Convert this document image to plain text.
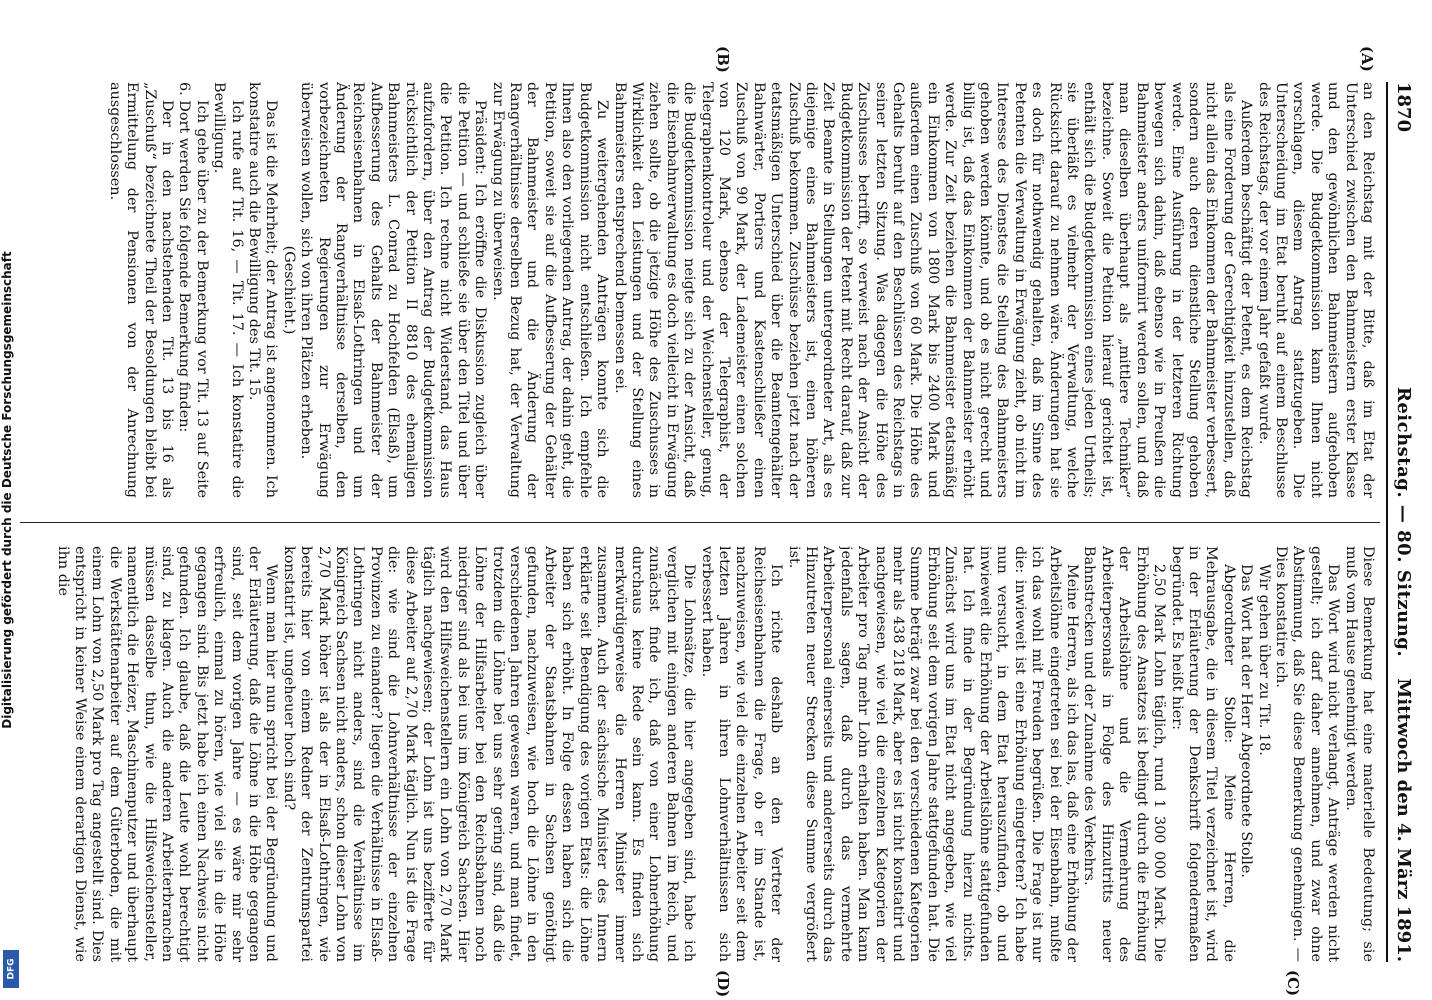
1870
Reichstag. — 80. Sitzung.
Mittwoch den 4. März 1891.
(A)
(B)
(C)
(D)

an den Reichstag mit der Bitte, daß im Etat der Unterschied zwischen den Bahnmeistern erster Klasse und den gewöhnlichen Bahnmeistern aufgehoben werde. Die Budgetkommission kann Ihnen nicht vorschlagen, diesem Antrag stattzugeben. Die Unterscheidung im Etat beruht auf einem Beschlusse des Reichstags, der vor einem Jahr gefaßt wurde.

Außerdem beschäftigt der Petent, es dem Reichstag als eine Forderung der Gerechtigkeit hinzustellen, daß nicht allein das Einkommen der Bahnmeister verbessert, sondern auch deren dienstliche Stellung gehoben werde. Eine Ausführung in der letzteren Richtung bewegen sich dahin, daß ebenso wie in Preußen die Bahnmeister anders uniformirt werden sollen, und daß man dieselben überhaupt als „mittlere Techniker“ bezeichne. Soweit die Petition hierauf gerichtet ist, enthält sich die Budgetkommission eines jeden Urtheils; sie überläßt es vielmehr der Verwaltung, welche Rücksicht darauf zu nehmen wäre. Änderungen hat sie es doch für nothwendig gehalten, daß im Sinne des Petenten die Verwaltung in Erwägung zieht, ob nicht im Interesse des Dienstes die Stellung des Bahnmeisters gehoben werden könnte, und ob es nicht gerecht und billig ist, daß das Einkommen der Bahnmeister erhöht werde. Zur Zeit beziehen die Bahnmeister etatsmäßig ein Einkommen von 1800 Mark bis 2400 Mark und außerdem einen Zuschuß von 60 Mark. Die Höhe des Gehalts beruht auf den Beschlüssen des Reichstags in seiner letzten Sitzung. Was dagegen die Höhe des Zuschusses betrifft, so verweist nach der Ansicht der Budgetkommission der Petent mit Recht darauf, daß zur Zeit Beamte in Stellungen untergeordneter Art, als es diejenige eines Bahnmeisters ist, einen höheren Zuschuß bekommen. Zuschüsse beziehen jetzt nach der etatsmäßigen Unterschied über die Beamtengehälter Bahnwärter, Portiers und Kastenschließer einen Zuschuß von 90 Mark, der Lademeister einen solchen von 120 Mark, ebenso der Telegraphist, der Telegraphenkontroleur und der Weichensteller, genug, die Budgetkommission neigte sich zu der Ansicht, daß die Eisenbahnverwaltung es doch vielleicht in Erwägung ziehen sollte, ob die jetzige Höhe des Zuschusses in Wirklichkeit den Leistungen und der Stellung eines Bahnmeisters entsprechend bemessen sei.

Zu weitergehenden Anträgen konnte sich die Budgetkommission nicht entschließen. Ich empfehle Ihnen also den vorliegenden Antrag, der dahin geht, die Petition, soweit sie auf die Aufbesserung der Gehälter der Bahnmeister und die Änderung der Rangverhältnisse derselben Bezug hat, der Verwaltung zur Erwägung zu überweisen.

Präsident: Ich eröffne die Diskussion zugleich über die Petition — und schließe sie über den Titel und über die Petition. Ich rechne nicht Widerstand, das Haus aufzufordern, über den Antrag der Budgetkommission rücksichtlich der Petition II 8810 des ehemaligen Bahnmeisters L. Conrad zu Hochfelden (Elsaß), um Aufbesserung des Gehalts der Bahnmeister der Reichseisenbahnen in Elsaß-Lothringen und um Änderung der Rangverhältnisse derselben, den vorbezeichneten Regierungen zur Erwägung überweisen wollen, sich von ihren Plätzen erheben.

(Geschieht.)

Das ist die Mehrheit; der Antrag ist angenommen. Ich konstatire auch die Bewilligung des Tit. 15.

Ich rufe auf Tit. 16, — Tit. 17. — Ich konstatire die Bewilligung.

Ich gehe über zu der Bemerkung vor Tit. 13 auf Seite 6. Dort werden Sie folgende Bemerkung finden:

Der in den nachstehenden Tit. 13 bis 16 als „Zuschuß“ bezeichnete Theil der Besoldungen bleibt bei Ermittelung der Pensionen von der Anrechnung ausgeschlossen.

Diese Bemerkung hat eine materielle Bedeutung; sie muß vom Hause genehmigt werden.

Das Wort wird nicht verlangt, Anträge werden nicht gestellt; ich darf daher annehmen, und zwar ohne Abstimmung, daß Sie diese Bemerkung genehmigen. — Dies konstatire ich.

Wir gehen über zu Tit. 18.

Das Wort hat der Herr Abgeordnete Stolle.

Abgeordneter Stolle: Meine Herren, die Mehrausgabe, die in diesem Titel verzeichnet ist, wird in der Erläuterung der Denkschrift folgendermaßen begründet. Es heißt hier:

2,50 Mark Lohn täglich, rund 1 300 000 Mark. Die Erhöhung des Ansatzes ist bedingt durch die Erhöhung der Arbeitslöhne und die Vermehrung des Arbeiterpersonals in Folge des Hinzutritts neuer Bahnstrecken und der Zunahme des Verkehrs.

Meine Herren, als ich das las, daß eine Erhöhung der Arbeitslöhne eingetreten sei bei der Eisenbahn, mußte ich das wohl mit Freuden begrüßen. Die Frage ist nur die: inwieweit ist eine Erhöhung eingetreten? Ich habe nun versucht, in dem Etat herauszufinden, ob und inwieweit die Erhöhung der Arbeitslöhne stattgefunden hat. Ich finde in der Begründung hierzu nichts. Zunächst wird uns im Etat nicht angegeben, wie viel Erhöhung seit dem vorigen Jahre stattgefunden hat. Die Summe beträgt zwar bei den verschiedenen Kategorien mehr als 438 218 Mark, aber es ist nicht konstatirt und nachgewiesen, wie viel die einzelnen Kategorien der Arbeiter pro Tag mehr Lohn erhalten haben. Man kann jedenfalls sagen, daß durch das vermehrte Arbeiterpersonal einerseits und andererseits durch das Hinzutreten neuer Strecken diese Summe vergrößert ist.

Ich richte deshalb an den Vertreter der Reichseisenbahnen die Frage, ob er im Stande ist, nachzuweisen, wie viel die einzelnen Arbeiter seit dem letzten Jahren in ihren Lohnverhältnissen sich verbessert haben.

Die Lohnsätze, die hier angegeben sind, habe ich verglichen mit einigen anderen Bahnen im Reich, und zunächst finde ich, daß von einer Lohnerhöhung durchaus keine Rede sein kann. Es finden sich merkwürdigerweise die Herren Minister immer zusammen. Auch der sächsische Minister des Innern erklärte seit Beendigung des vorigen Etats: die Löhne haben sich erhöht. In Folge dessen haben sich die Arbeiter der Staatsbahnen in Sachsen genöthigt gefunden, nachzuweisen, wie hoch die Löhne in den verschiedenen Jahren gewesen waren, und man findet, trotzdem die Löhne bei uns sehr gering sind, daß die Löhne der Hilfsarbeiter bei den Reichsbahnen noch niedriger sind als bei uns im Königreich Sachsen. Hier wird den Hilfsweichenstellern ein Lohn von 2,70 Mark täglich nachgewiesen; der Lohn ist uns bezifferte für diese Arbeiter auf 2,70 Mark täglich. Nun ist die Frage die: wie sind die Lohnverhältnisse der einzelnen Provinzen zu einander? liegen die Verhältnisse in Elsaß-Lothringen nicht anders, sind die Verhältnisse im Königreich Sachsen nicht anders, schon dieser Lohn von 2,70 Mark höher ist als der in Elsaß-Lothringen, wie bereits hier von einem Redner der Zentrumspartei konstatirt ist, ungeheuer hoch sind?

Wenn man hier nun spricht bei der Begründung und der Erläuterung, daß die Löhne in die Höhe gegangen sind, seit dem vorigen Jahre — es wäre mir sehr erfreulich, einmal zu hören, wie viel sie in die Höhe gegangen sind. Bis jetzt habe ich einen Nachweis nicht gefunden. Ich glaube, daß die Leute wohl berechtigt sind, zu klagen. Auch die anderen Arbeiterbranchen müssen dasselbe thun, wie die Hilfsweichensteller, namentlich die Heizer, Maschinenputzer und überhaupt die Werkstättenarbeiter auf dem Güterboden, die mit einem Lohn von 2,50 Mark pro Tag angestellt sind. Dies entspricht in keiner Weise einem derartigen Dienst, wie ihn die

Digitalisierung gefördert durch die Deutsche Forschungsgemeinschaft
DFG
